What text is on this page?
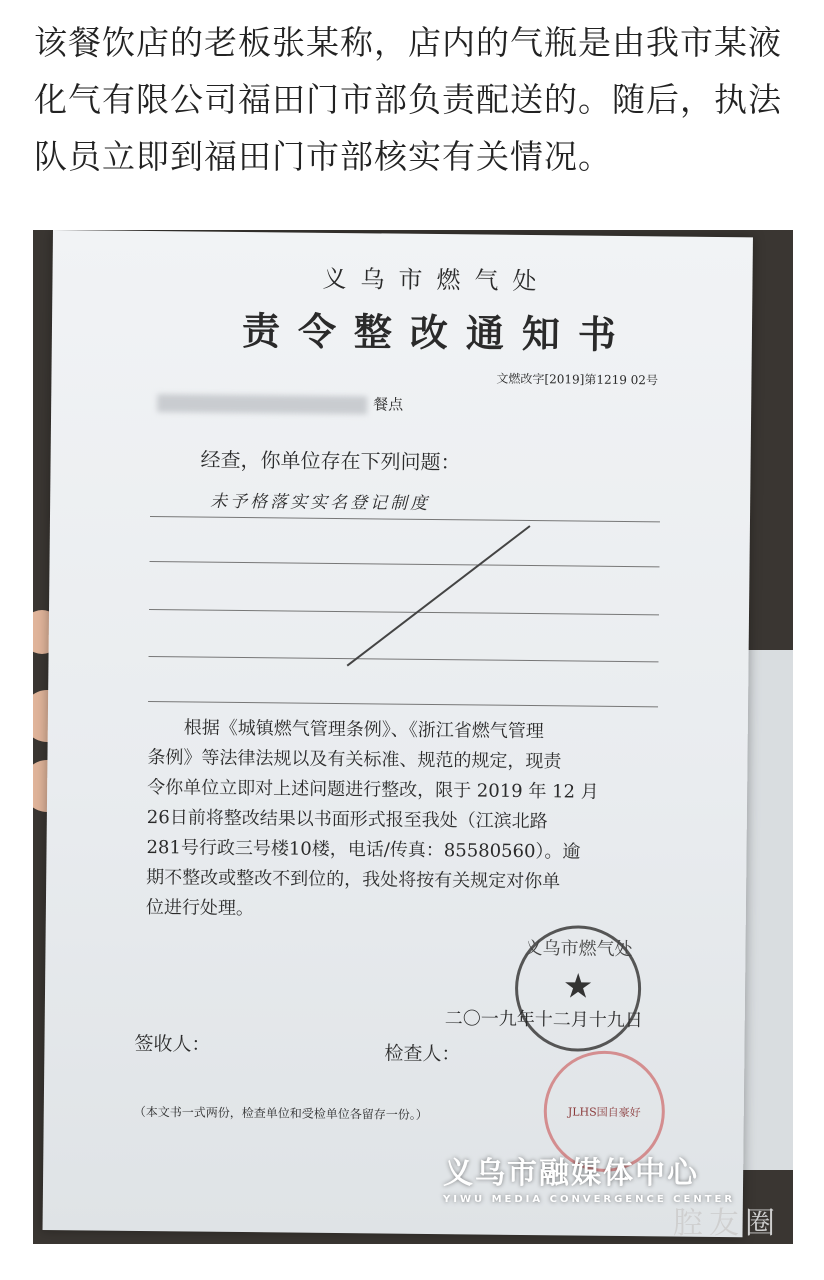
该餐饮店的老板张某称，店内的气瓶是由我市某液化气有限公司福田门市部负责配送的。随后，执法队员立即到福田门市部核实有关情况。
义乌市燃气处
责令整改通知书
文燃改字[2019]第1219 02号
餐点
经查，你单位存在下列问题：
未予格落实实名登记制度

根据《城镇燃气管理条例》、《浙江省燃气管理

条例》等法律法规以及有关标准、规范的规定，现责

令你单位立即对上述问题进行整改，限于 2019 年 12 月

26日前将整改结果以书面形式报至我处（江滨北路

281号行政三号楼10楼，电话/传真：85580560）。逾

期不整改或整改不到位的，我处将按有关规定对你单

位进行处理。

义乌市燃气处
★
二〇一九年十二月十九日
签收人：	检查人：
JLHS国自豪好
（本文书一式两份，检查单位和受检单位各留存一份。）
义乌市融媒体中心
YIWU MEDIA CONVERGENCE CENTER
腔友圈
